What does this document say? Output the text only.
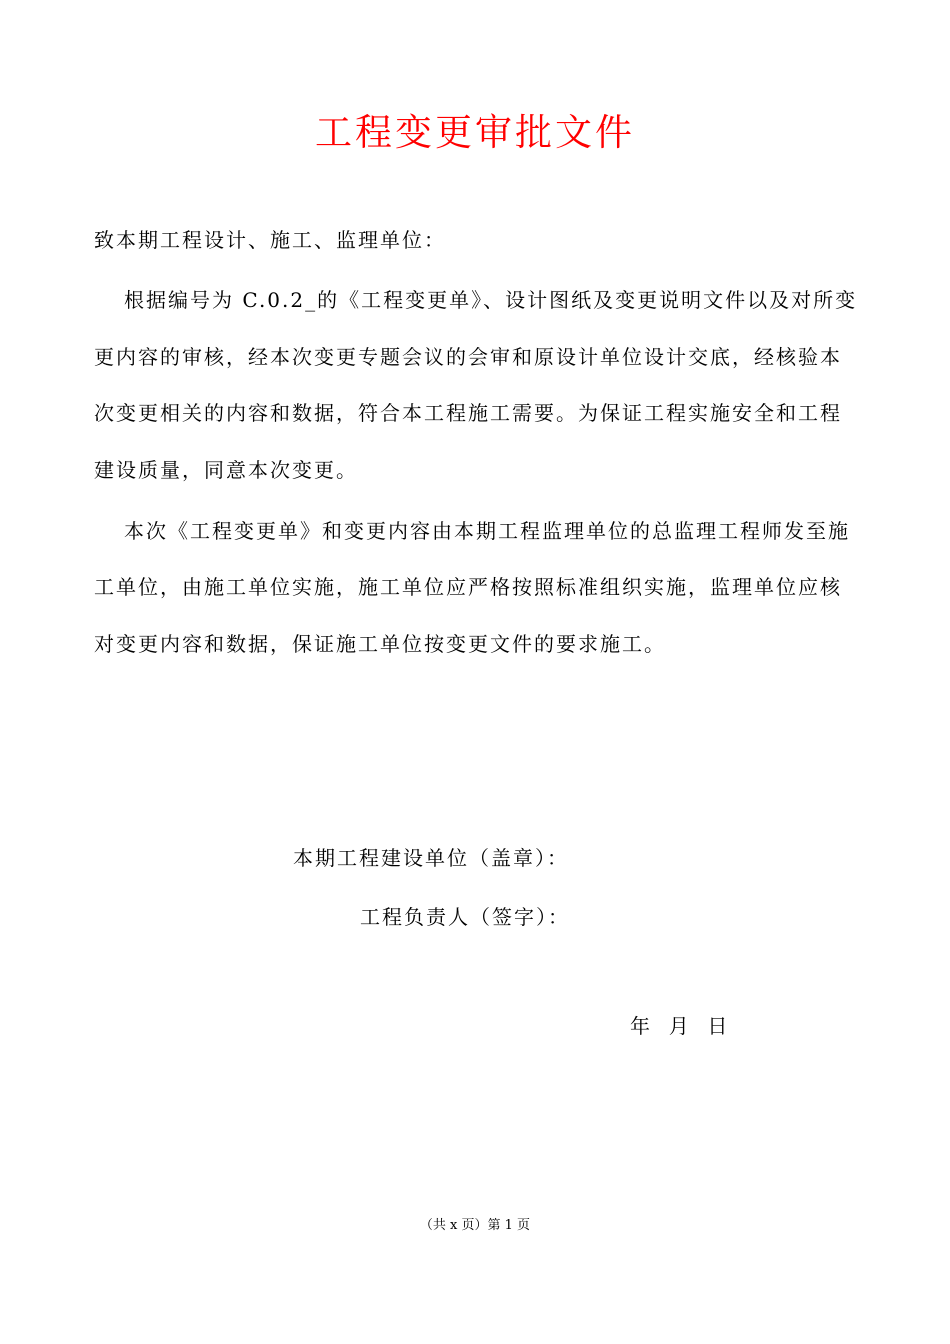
工程变更审批文件
致本期工程设计、施工、监理单位：
根据编号为 C.0.2_的《工程变更单》、设计图纸及变更说明文件以及对所变
更内容的审核，经本次变更专题会议的会审和原设计单位设计交底，经核验本
次变更相关的内容和数据，符合本工程施工需要。为保证工程实施安全和工程
建设质量，同意本次变更。
本次《工程变更单》和变更内容由本期工程监理单位的总监理工程师发至施
工单位，由施工单位实施，施工单位应严格按照标准组织实施，监理单位应核
对变更内容和数据，保证施工单位按变更文件的要求施工。
本期工程建设单位（盖章）：
工程负责人（签字）：
年  月  日
（共 x 页）第 1 页
